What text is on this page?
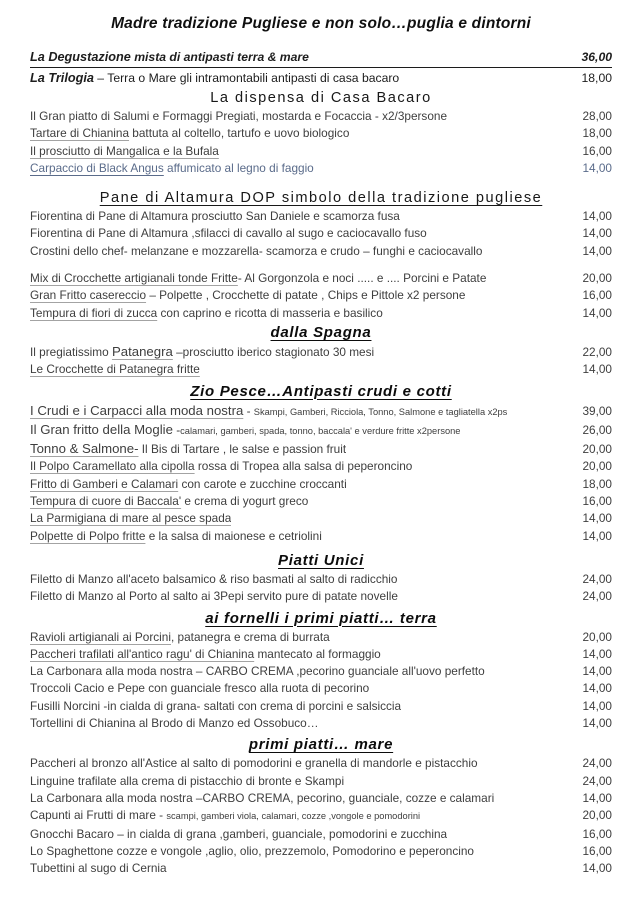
Madre tradizione Pugliese e non solo…puglia e dintorni
La Degustazione mista di antipasti terra & mare	36,00
La Trilogia – Terra o Mare gli intramontabili antipasti di casa bacaro	18,00
La dispensa di Casa Bacaro
Il Gran piatto di Salumi e Formaggi Pregiati, mostarda e Focaccia - x2/3persone	28,00
Tartare di Chianina battuta al coltello, tartufo e uovo biologico	18,00
Il prosciutto di Mangalica e la Bufala	16,00
Carpaccio di Black Angus affumicato al legno di faggio	14,00
Pane di Altamura DOP simbolo della tradizione pugliese
Fiorentina di Pane di Altamura prosciutto San Daniele e scamorza fusa	14,00
Fiorentina di Pane di Altamura ,sfilacci di cavallo al sugo e caciocavallo fuso	14,00
Crostini dello chef- melanzane e mozzarella- scamorza e crudo – funghi e caciocavallo	14,00
Mix di Crocchette artigianali tonde Fritte- Al Gorgonzola e noci ..... e .... Porcini e Patate	20,00
Gran Fritto casereccio – Polpette , Crocchette di patate , Chips e Pittole x2 persone	16,00
Tempura di fiori di zucca con caprino e ricotta di masseria e basilico	14,00
dalla Spagna
Il pregiatissimo Patanegra –prosciutto iberico stagionato 30 mesi	22,00
Le Crocchette di Patanegra fritte	14,00
Zio Pesce…Antipasti crudi e cotti
I Crudi e i Carpacci alla moda nostra - Skampi, Gamberi, Ricciola, Tonno, Salmone e tagliatella x2ps	39,00
Il Gran fritto della Moglie -calamari, gamberi, spada, tonno, baccala' e verdure fritte x2persone	26,00
Tonno & Salmone- Il Bis di Tartare , le salse e passion fruit	20,00
Il Polpo Caramellato alla cipolla rossa di Tropea alla salsa di peperoncino	20,00
Fritto di Gamberi e Calamari con carote e zucchine croccanti	18,00
Tempura di cuore di Baccala' e crema di yogurt greco	16,00
La Parmigiana di mare al pesce spada	14,00
Polpette di Polpo fritte e la salsa di maionese e cetriolini	14,00
Piatti Unici
Filetto di Manzo all'aceto balsamico & riso basmati al salto di radicchio	24,00
Filetto di Manzo al Porto al salto ai 3Pepi servito pure di patate novelle	24,00
ai fornelli i primi piatti… terra
Ravioli artigianali ai Porcini, patanegra e crema di burrata	20,00
Paccheri trafilati all'antico ragu' di Chianina mantecato al formaggio	14,00
La Carbonara alla moda nostra – CARBO CREMA ,pecorino guanciale all'uovo perfetto	14,00
Troccoli Cacio e Pepe con guanciale fresco alla ruota di pecorino	14,00
Fusilli Norcini -in cialda di grana- saltati con crema di porcini e salsiccia	14,00
Tortellini di Chianina al Brodo di Manzo ed Ossobuco…	14,00
primi piatti… mare
Paccheri al bronzo all'Astice al salto di pomodorini e granella di mandorle e pistacchio	24,00
Linguine trafilate alla crema di pistacchio di bronte e Skampi	24,00
La Carbonara alla moda nostra –CARBO CREMA, pecorino, guanciale, cozze e calamari	14,00
Capunti ai Frutti di mare - scampi, gamberi viola, calamari, cozze ,vongole e pomodorini	20,00
Gnocchi Bacaro – in cialda di grana ,gamberi, guanciale, pomodorini e zucchina	16,00
Lo Spaghettone cozze e vongole ,aglio, olio, prezzemolo, Pomodorino e peperoncino	16,00
Tubettini al sugo di Cernia	14,00
